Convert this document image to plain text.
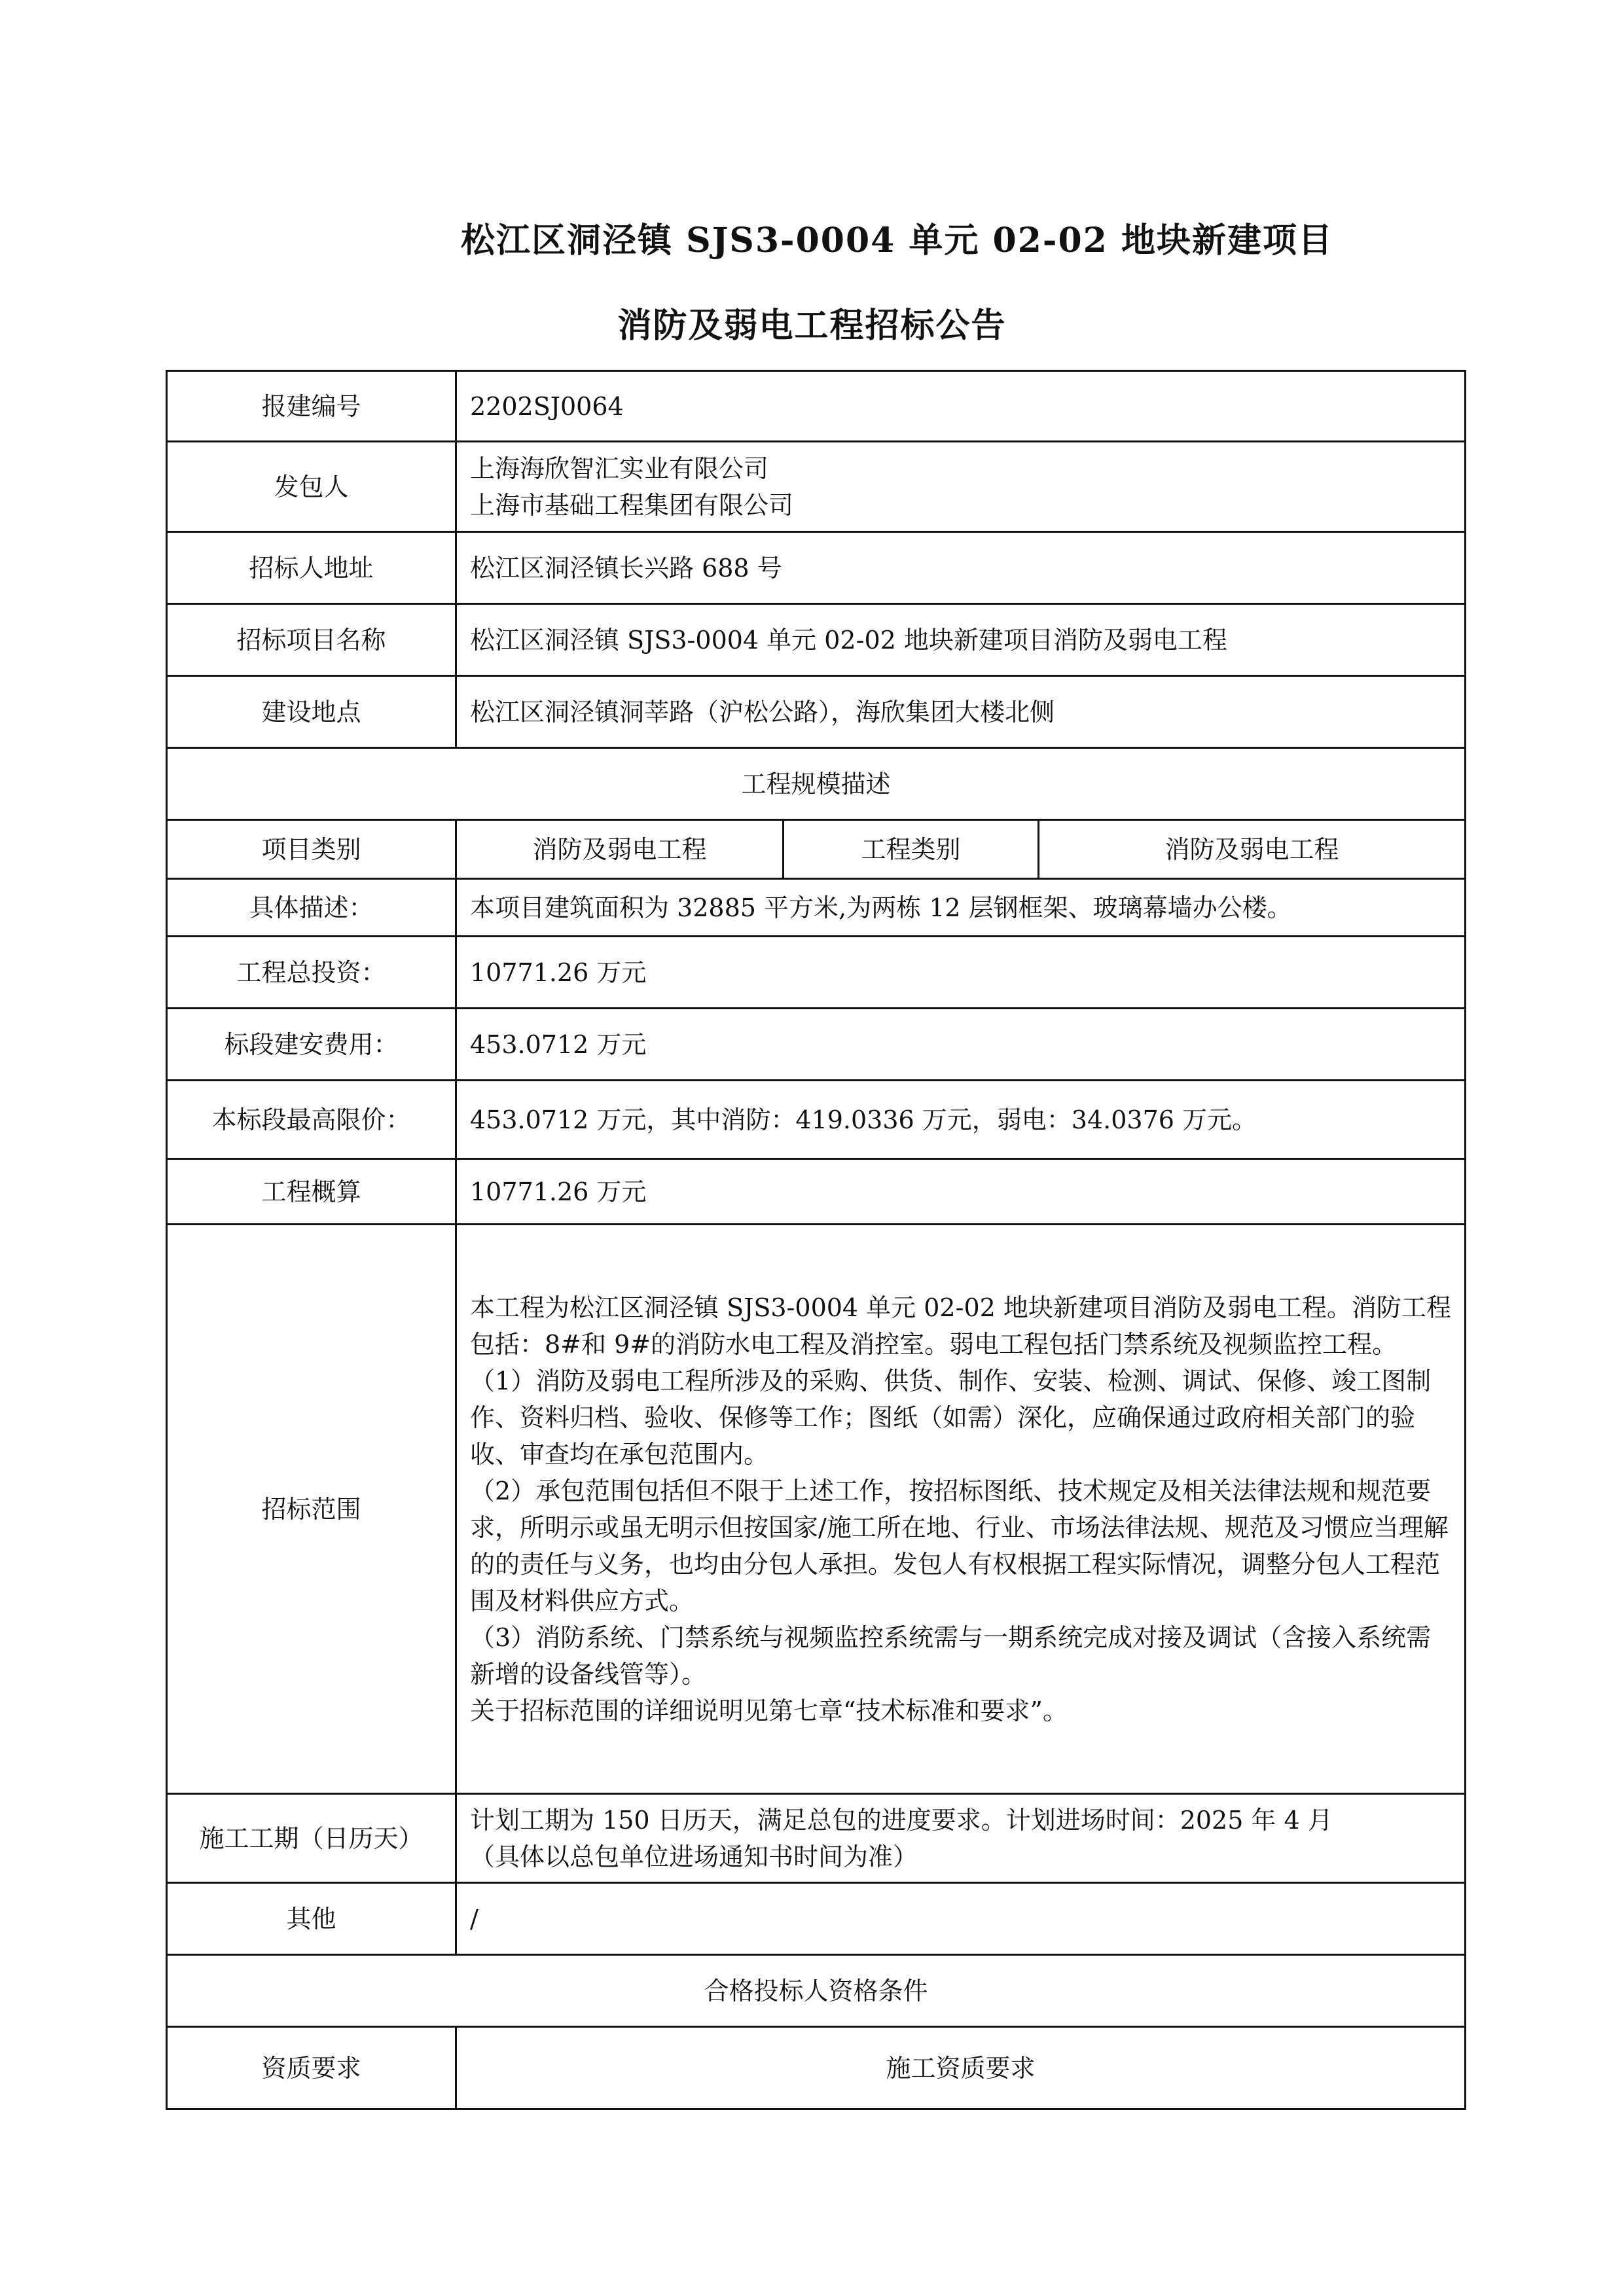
松江区洞泾镇 SJS3-0004 单元 02-02 地块新建项目
消防及弱电工程招标公告
报建编号	2202SJ0064		
发包人	上海海欣智汇实业有限公司
上海市基础工程集团有限公司		

招标人地址	松江区洞泾镇长兴路 688 号		
招标项目名称	松江区洞泾镇 SJS3-0004 单元 02-02 地块新建项目消防及弱电工程		
建设地点	松江区洞泾镇洞莘路（沪松公路），海欣集团大楼北侧		
工程规模描述			
项目类别	消防及弱电工程	工程类别	消防及弱电工程
具体描述：	本项目建筑面积为 32885 平方米,为两栋 12 层钢框架、玻璃幕墙办公楼。		
工程总投资：	10771.26 万元		
标段建安费用：	453.0712 万元		
本标段最高限价：	453.0712 万元，其中消防：419.0336 万元，弱电：34.0376 万元。		
工程概算	10771.26 万元		
招标范围	本工程为松江区洞泾镇 SJS3-0004 单元 02-02 地块新建项目消防及弱电工程。消防工程包括：8#和 9#的消防水电工程及消控室。弱电工程包括门禁系统及视频监控工程。
（1）消防及弱电工程所涉及的采购、供货、制作、安装、检测、调试、保修、竣工图制作、资料归档、验收、保修等工作；图纸（如需）深化，应确保通过政府相关部门的验收、审查均在承包范围内。
（2）承包范围包括但不限于上述工作，按招标图纸、技术规定及相关法律法规和规范要求，所明示或虽无明示但按国家/施工所在地、行业、市场法律法规、规范及习惯应当理解的的责任与义务，也均由分包人承担。发包人有权根据工程实际情况，调整分包人工程范围及材料供应方式。
（3）消防系统、门禁系统与视频监控系统需与一期系统完成对接及调试（含接入系统需新增的设备线管等）。
关于招标范围的详细说明见第七章“技术标准和要求”。		

施工工期（日历天）	计划工期为 150 日历天，满足总包的进度要求。计划进场时间：2025 年 4 月
（具体以总包单位进场通知书时间为准）		

其他	/		
合格投标人资格条件			
资质要求	施工资质要求		
